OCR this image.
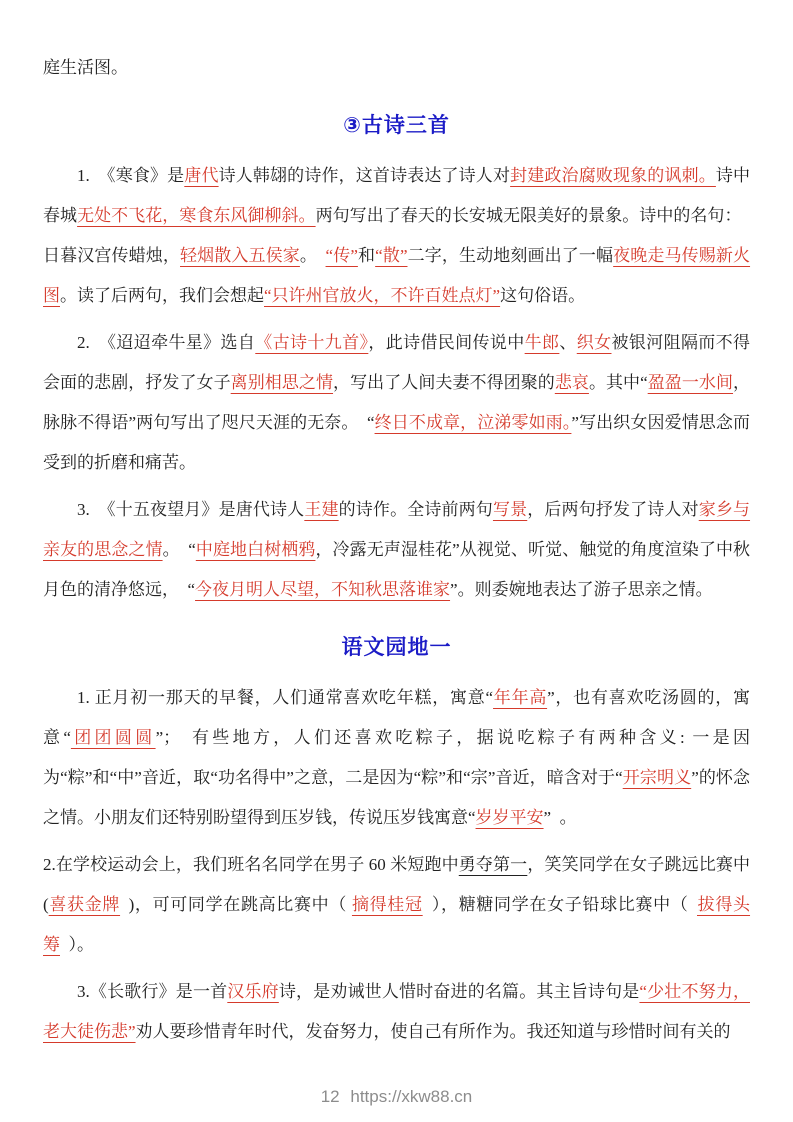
庭生活图。

③古诗三首

1.　《寒食》是唐代诗人韩翃的诗作，这首诗表达了诗人对封建政治腐败现象的讽刺。诗中春城无处不飞花，寒食东风御柳斜。两句写出了春天的长安城无限美好的景象。诗中的名句： 日暮汉宫传蜡烛，轻烟散入五侯家。 “传”和“散”二字，生动地刻画出了一幅夜晚走马传赐新火图。读了后两句，我们会想起“只许州官放火，不许百姓点灯”这句俗语。

2.　《迢迢牵牛星》选自《古诗十九首》，此诗借民间传说中牛郎、织女被银河阻隔而不得会面的悲剧，抒发了女子离别相思之情，写出了人间夫妻不得团聚的悲哀。其中“盈盈一水间，脉脉不得语”两句写出了咫尺天涯的无奈。 “终日不成章，泣涕零如雨。”写出织女因爱情思念而受到的折磨和痛苦。

3.　《十五夜望月》是唐代诗人王建的诗作。全诗前两句写景，后两句抒发了诗人对家乡与亲友的思念之情。　“中庭地白树栖鸦，冷露无声湿桂花”从视觉、听觉、触觉的角度渲染了中秋月色的清净悠远，　“今夜月明人尽望，不知秋思落谁家”。则委婉地表达了游子思亲之情。

语文园地一

1. 正月初一那天的早餐，人们通常喜欢吃年糕，寓意“年年高”，也有喜欢吃汤圆的，寓意“团团圆圆”； 有些地方，人们还喜欢吃粽子，据说吃粽子有两种含义: 一是因为“粽”和“中”音近，取“功名得中”之意，二是因为“粽”和“宗”音近，暗含对于“开宗明义”的怀念之情。小朋友们还特别盼望得到压岁钱，传说压岁钱寓意“岁岁平安” 。

2.在学校运动会上，我们班名名同学在男子 60 米短跑中勇夺第一，笑笑同学在女子跳远比赛中(喜获金牌 )，可可同学在跳高比赛中（ 摘得桂冠 ），糖糖同学在女子铅球比赛中（ 拔得头筹 ）。

3.《长歌行》是一首汉乐府诗，是劝诫世人惜时奋进的名篇。其主旨诗句是“少壮不努力，老大徒伤悲”劝人要珍惜青年时代，发奋努力，使自己有所作为。我还知道与珍惜时间有关的

12 https://xkw88.cn
